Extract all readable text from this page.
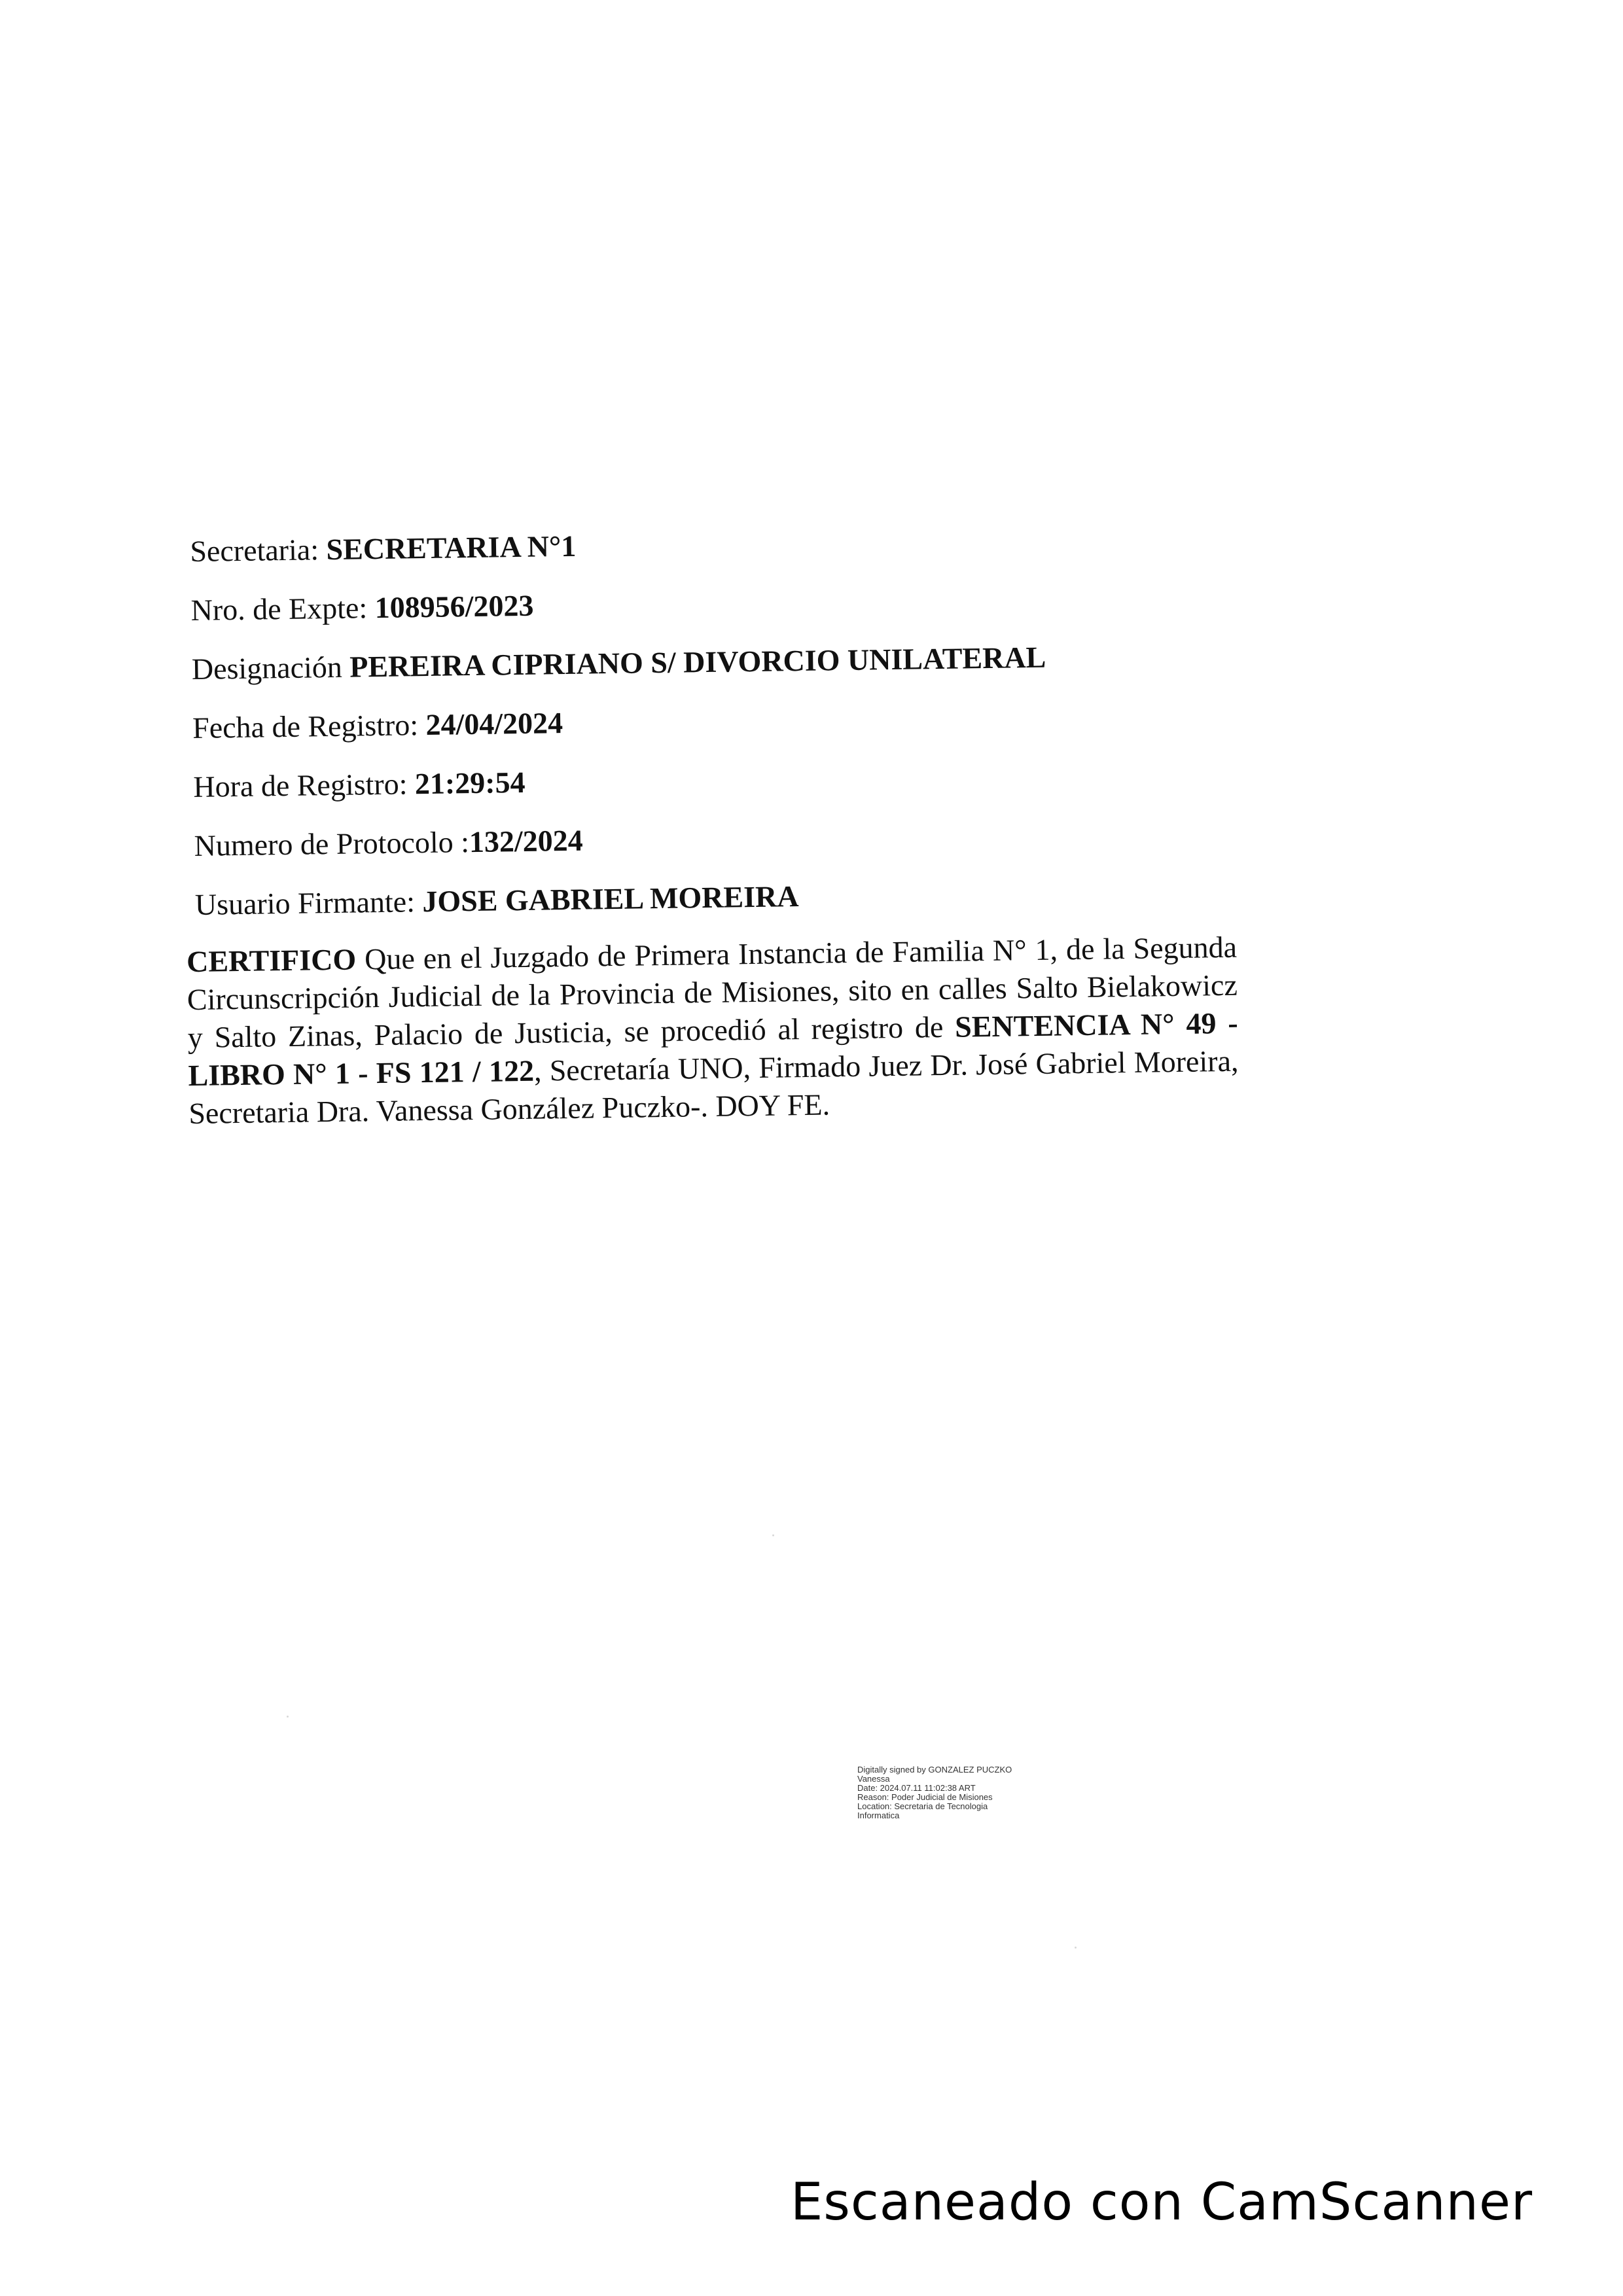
Secretaria: SECRETARIA N°1

Nro. de Expte: 108956/2023

Designación PEREIRA CIPRIANO S/ DIVORCIO UNILATERAL

Fecha de Registro: 24/04/2024

Hora de Registro: 21:29:54

Numero de Protocolo :132/2024

Usuario Firmante: JOSE GABRIEL MOREIRA

CERTIFICO Que en el Juzgado de Primera Instancia de Familia N° 1, de la Segunda Circunscripción Judicial de la Provincia de Misiones, sito en calles Salto Bielakowicz y Salto Zinas, Palacio de Justicia, se procedió al registro de SENTENCIA N° 49 - LIBRO N° 1 - FS 121 / 122, Secretaría UNO, Firmado Juez Dr. José Gabriel Moreira, Secretaria Dra. Vanessa González Puczko-. DOY FE.

Digitally signed by GONZALEZ PUCZKO
Vanessa
Date: 2024.07.11 11:02:38 ART
Reason: Poder Judicial de Misiones
Location: Secretaria de Tecnologia
Informatica
Escaneado con CamScanner
